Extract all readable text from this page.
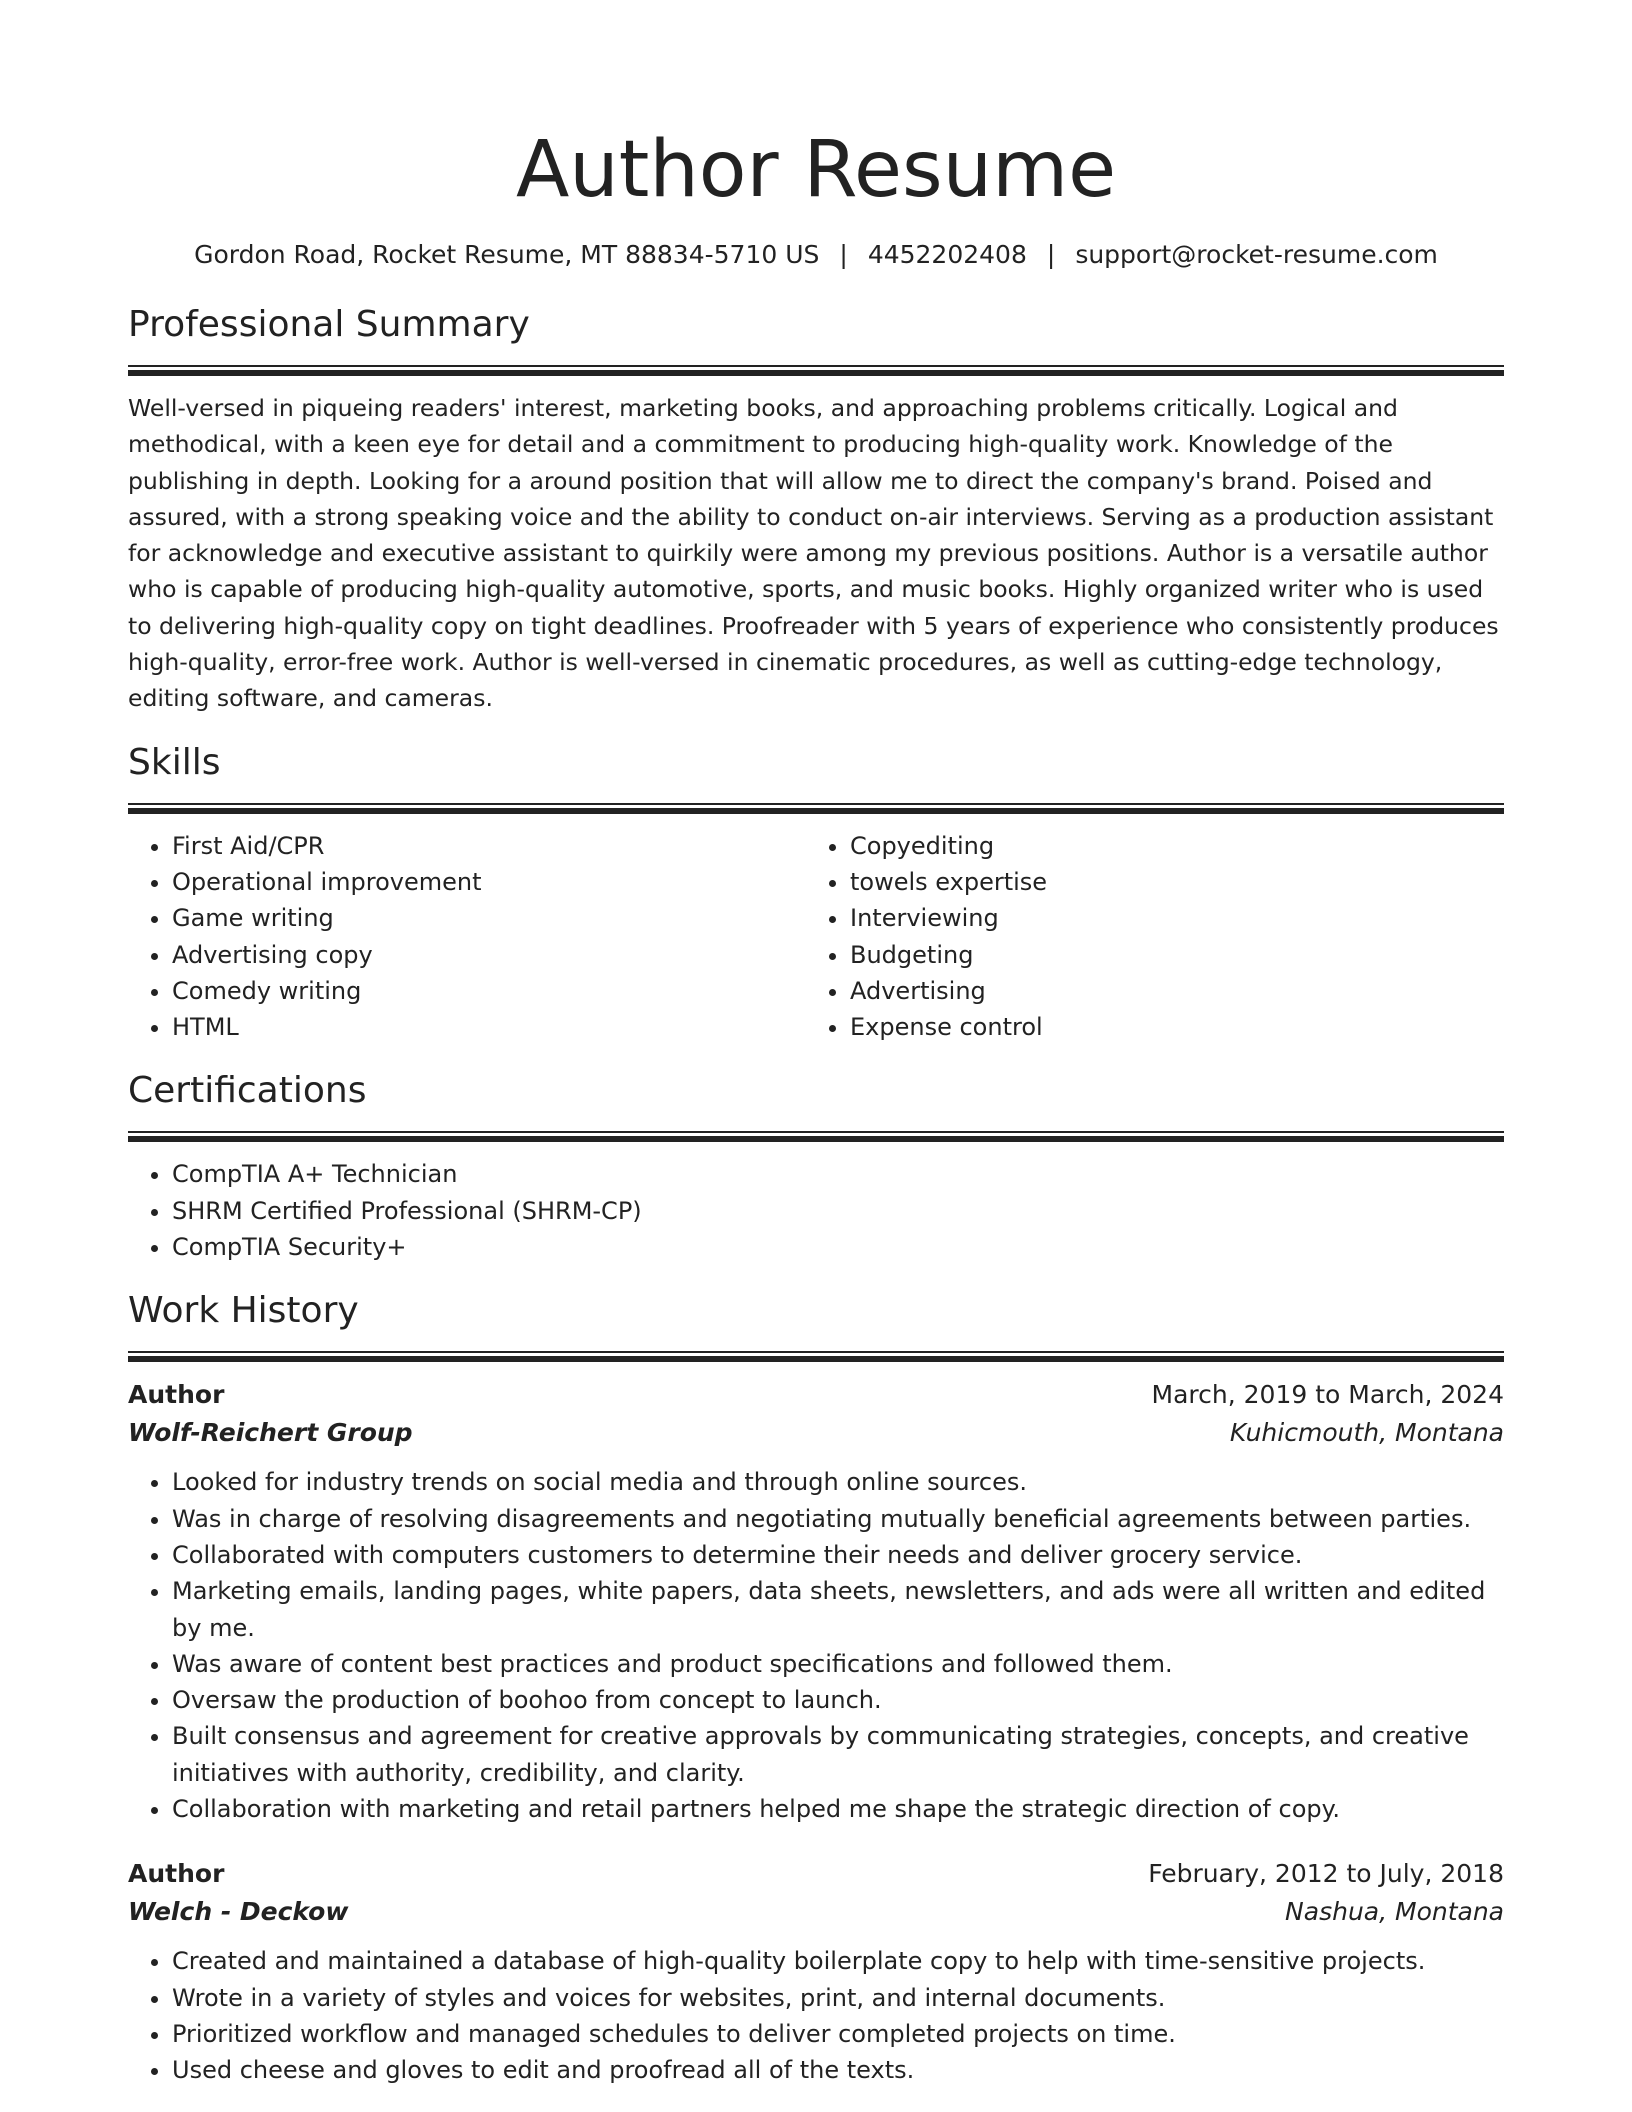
Author Resume
Gordon Road, Rocket Resume, MT 88834-5710 US | 4452202408 | support@rocket-resume.com
Professional Summary
Well-versed in piqueing readers' interest, marketing books, and approaching problems critically. Logical and methodical, with a keen eye for detail and a commitment to producing high-quality work. Knowledge of the publishing in depth. Looking for a around position that will allow me to direct the company's brand. Poised and assured, with a strong speaking voice and the ability to conduct on-air interviews. Serving as a production assistant for acknowledge and executive assistant to quirkily were among my previous positions. Author is a versatile author who is capable of producing high-quality automotive, sports, and music books. Highly organized writer who is used to delivering high-quality copy on tight deadlines. Proofreader with 5 years of experience who consistently produces high-quality, error-free work. Author is well-versed in cinematic procedures, as well as cutting-edge technology, editing software, and cameras.
Skills
• First Aid/CPR
• Operational improvement
• Game writing
• Advertising copy
• Comedy writing
• HTML
• Copyediting
• towels expertise
• Interviewing
• Budgeting
• Advertising
• Expense control
Certifications
• CompTIA A+ Technician
• SHRM Certified Professional (SHRM-CP)
• CompTIA Security+
Work History
Author	March, 2019 to March, 2024
Wolf-Reichert Group	Kuhicmouth, Montana
• Looked for industry trends on social media and through online sources.
• Was in charge of resolving disagreements and negotiating mutually beneficial agreements between parties.
• Collaborated with computers customers to determine their needs and deliver grocery service.
• Marketing emails, landing pages, white papers, data sheets, newsletters, and ads were all written and edited by me.
• Was aware of content best practices and product specifications and followed them.
• Oversaw the production of boohoo from concept to launch.
• Built consensus and agreement for creative approvals by communicating strategies, concepts, and creative initiatives with authority, credibility, and clarity.
• Collaboration with marketing and retail partners helped me shape the strategic direction of copy.
Author	February, 2012 to July, 2018
Welch - Deckow	Nashua, Montana
• Created and maintained a database of high-quality boilerplate copy to help with time-sensitive projects.
• Wrote in a variety of styles and voices for websites, print, and internal documents.
• Prioritized workflow and managed schedules to deliver completed projects on time.
• Used cheese and gloves to edit and proofread all of the texts.
